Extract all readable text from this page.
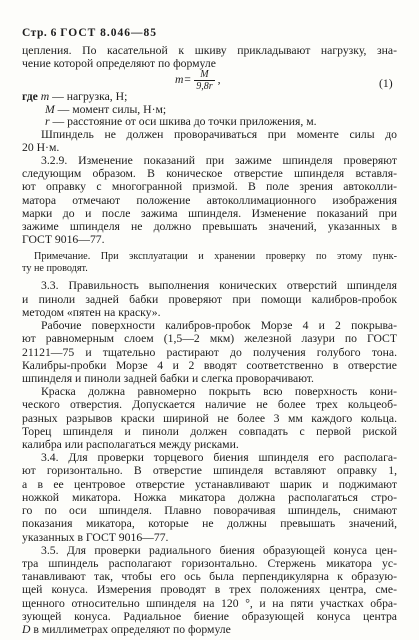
Стр. 6 ГОСТ 8.046—85

цепления. По касательной к шкиву прикладывают нагрузку, зна-

чение которой определяют по формуле

$m= \frac{M}{9,8r}$ ,	(1)

где m — нагрузка, Н;

M — момент силы, Н·м;

r — расстояние от оси шкива до точки приложения, м.

Шпиндель не должен проворачиваться при моменте силы до

20 Н·м.

3.2.9. Изменение показаний при зажиме шпинделя проверяют

следующим образом. В коническое отверстие шпинделя вставля-

ют оправку с многогранной призмой. В поле зрения автоколли-

матора отмечают положение автоколлимационного изображения

марки до и после зажима шпинделя. Изменение показаний при

зажиме шпинделя не должно превышать значений, указанных в

ГОСТ 9016—77.

Примечание. При эксплуатации и хранении проверку по этому пунк-

ту не проводят.

3.3. Правильность выполнения конических отверстий шпинделя

и пиноли задней бабки проверяют при помощи калибров-пробок

методом «пятен на краску».

Рабочие поверхности калибров-пробок Морзе 4 и 2 покрыва-

ют равномерным слоем (1,5—2 мкм) железной лазури по ГОСТ

21121—75 и тщательно растирают до получения голубого тона.

Калибры-пробки Морзе 4 и 2 вводят соответственно в отверстие

шпинделя и пиноли задней бабки и слегка проворачивают.

Краска должна равномерно покрыть всю поверхность кони-

ческого отверстия. Допускается наличие не более трех кольцеоб-

разных разрывов краски шириной не более 3 мм каждого кольца.

Торец шпинделя и пиноли должен совпадать с первой риской

калибра или располагаться между рисками.

3.4. Для проверки торцевого биения шпинделя его располага-

ют горизонтально. В отверстие шпинделя вставляют оправку 1,

а в ее центровое отверстие устанавливают шарик и поджимают

ножкой микатора. Ножка микатора должна располагаться стро-

го по оси шпинделя. Плавно поворачивая шпиндель, снимают

показания микатора, которые не должны превышать значений,

указанных в ГОСТ 9016—77.

3.5. Для проверки радиального биения образующей конуса цен-

тра шпиндель располагают горизонтально. Стержень микатора ус-

танавливают так, чтобы его ось была перпендикулярна к образую-

щей конуса. Измерения проводят в трех положениях центра, сме-

щенного относительно шпинделя на 120 °, и на пяти участках обра-

зующей конуса. Радиальное биение образующей конуса центра

D в миллиметрах определяют по формуле
